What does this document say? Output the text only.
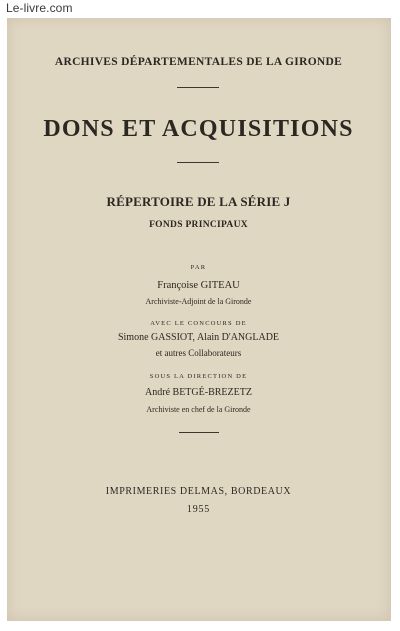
Le-livre.com
ARCHIVES DÉPARTEMENTALES DE LA GIRONDE
DONS ET ACQUISITIONS
RÉPERTOIRE DE LA SÉRIE J
FONDS PRINCIPAUX
PAR
Françoise GITEAU
Archiviste-Adjoint de la Gironde
AVEC LE CONCOURS DE
Simone GASSIOT, Alain D'ANGLADE
et autres Collaborateurs
SOUS LA DIRECTION DE
André BETGÉ-BREZETZ
Archiviste en chef de la Gironde
IMPRIMERIES DELMAS, BORDEAUX
1955
